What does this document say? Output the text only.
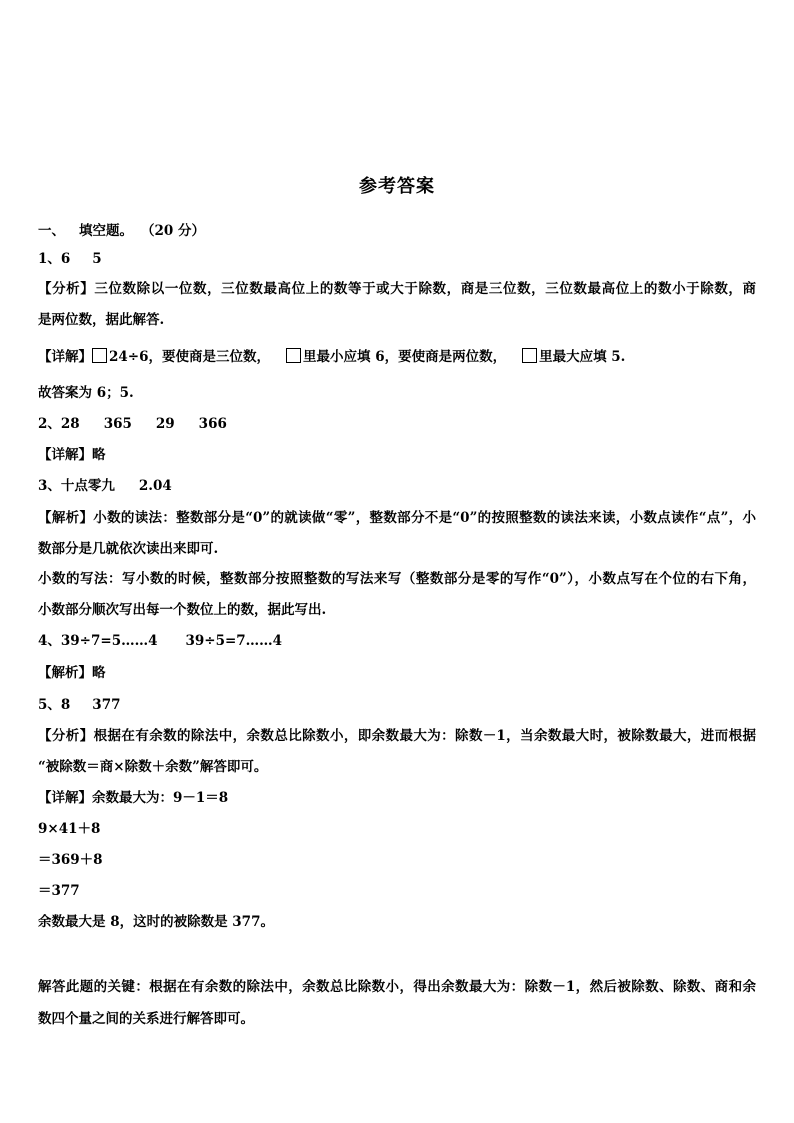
参考答案
一、 填空题。 （20 分）
1、6 5
【分析】三位数除以一位数，三位数最高位上的数等于或大于除数，商是三位数，三位数最高位上的数小于除数，商
是两位数，据此解答.
【详解】 24÷6，要使商是三位数， 里最小应填 6，要使商是两位数， 里最大应填 5.
故答案为 6；5.
2、28 365 29 366
【详解】略
3、十点零九 2.04
【解析】小数的读法：整数部分是“0”的就读做“零”，整数部分不是“0”的按照整数的读法来读，小数点读作“点”，小
数部分是几就依次读出来即可.
小数的写法：写小数的时候，整数部分按照整数的写法来写（整数部分是零的写作“0”），小数点写在个位的右下角，
小数部分顺次写出每一个数位上的数，据此写出.
4、39÷7=5……4 39÷5=7……4
【解析】略
5、8 377
【分析】根据在有余数的除法中，余数总比除数小，即余数最大为：除数－1，当余数最大时，被除数最大，进而根据
“被除数＝商×除数＋余数”解答即可。
【详解】余数最大为：9－1＝8
9×41＋8
＝369＋8
＝377
余数最大是 8，这时的被除数是 377。
解答此题的关键：根据在有余数的除法中，余数总比除数小，得出余数最大为：除数－1，然后被除数、除数、商和余
数四个量之间的关系进行解答即可。
